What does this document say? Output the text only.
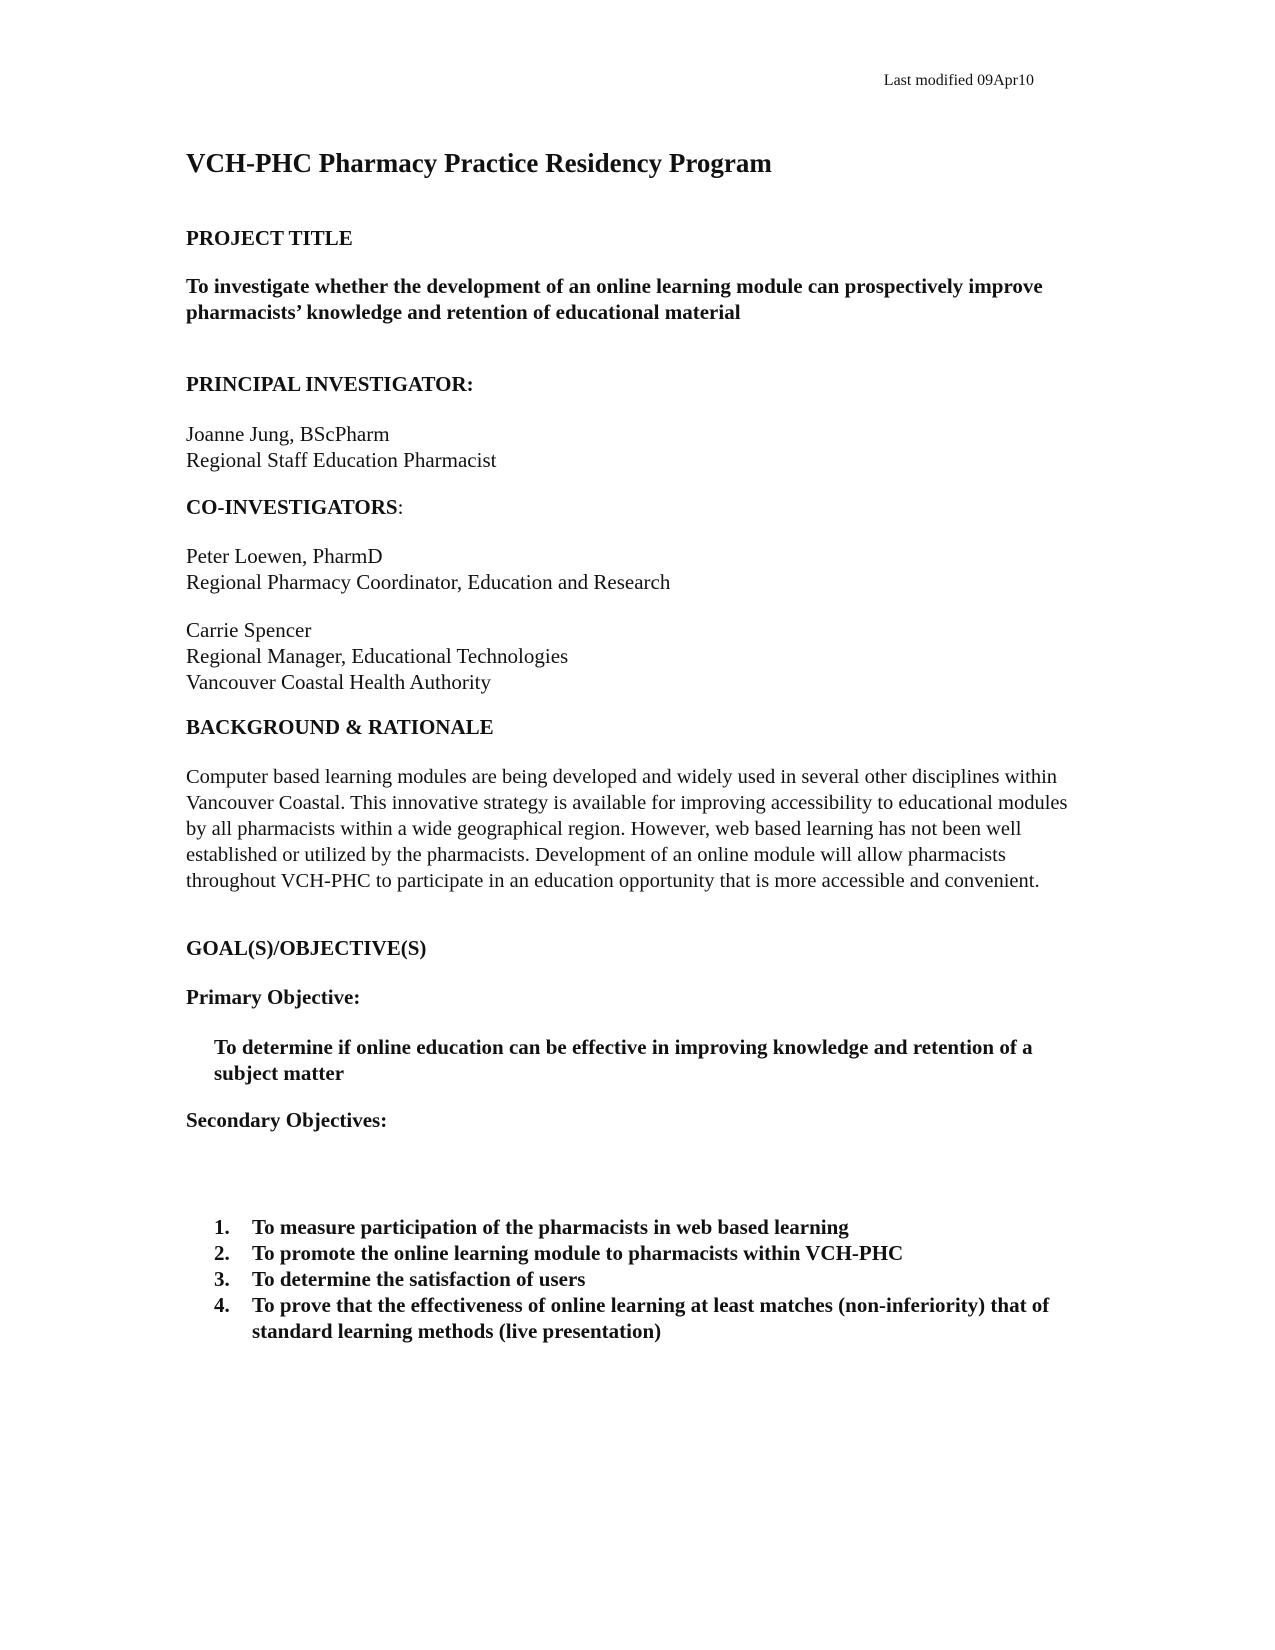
Last modified 09Apr10
VCH-PHC Pharmacy Practice Residency Program
PROJECT TITLE

To investigate whether the development of an online learning module can prospectively improve pharmacists’ knowledge and retention of educational material

PRINCIPAL INVESTIGATOR:
Joanne Jung, BScPharm
Regional Staff Education Pharmacist
CO-INVESTIGATORS:
Peter Loewen, PharmD
Regional Pharmacy Coordinator, Education and Research
Carrie Spencer
Regional Manager, Educational Technologies
Vancouver Coastal Health Authority
BACKGROUND & RATIONALE

Computer based learning modules are being developed and widely used in several other disciplines within Vancouver Coastal. This innovative strategy is available for improving accessibility to educational modules by all pharmacists within a wide geographical region. However, web based learning has not been well established or utilized by the pharmacists. Development of an online module will allow pharmacists throughout VCH-PHC to participate in an education opportunity that is more accessible and convenient.

GOAL(S)/OBJECTIVE(S)
Primary Objective:

To determine if online education can be effective in improving knowledge and retention of a subject matter

Secondary Objectives:
1.	To measure participation of the pharmacists in web based learning
2.	To promote the online learning module to pharmacists within VCH-PHC
3.	To determine the satisfaction of users
4.	To prove that the effectiveness of online learning at least matches (non-inferiority) that of standard learning methods (live presentation)
